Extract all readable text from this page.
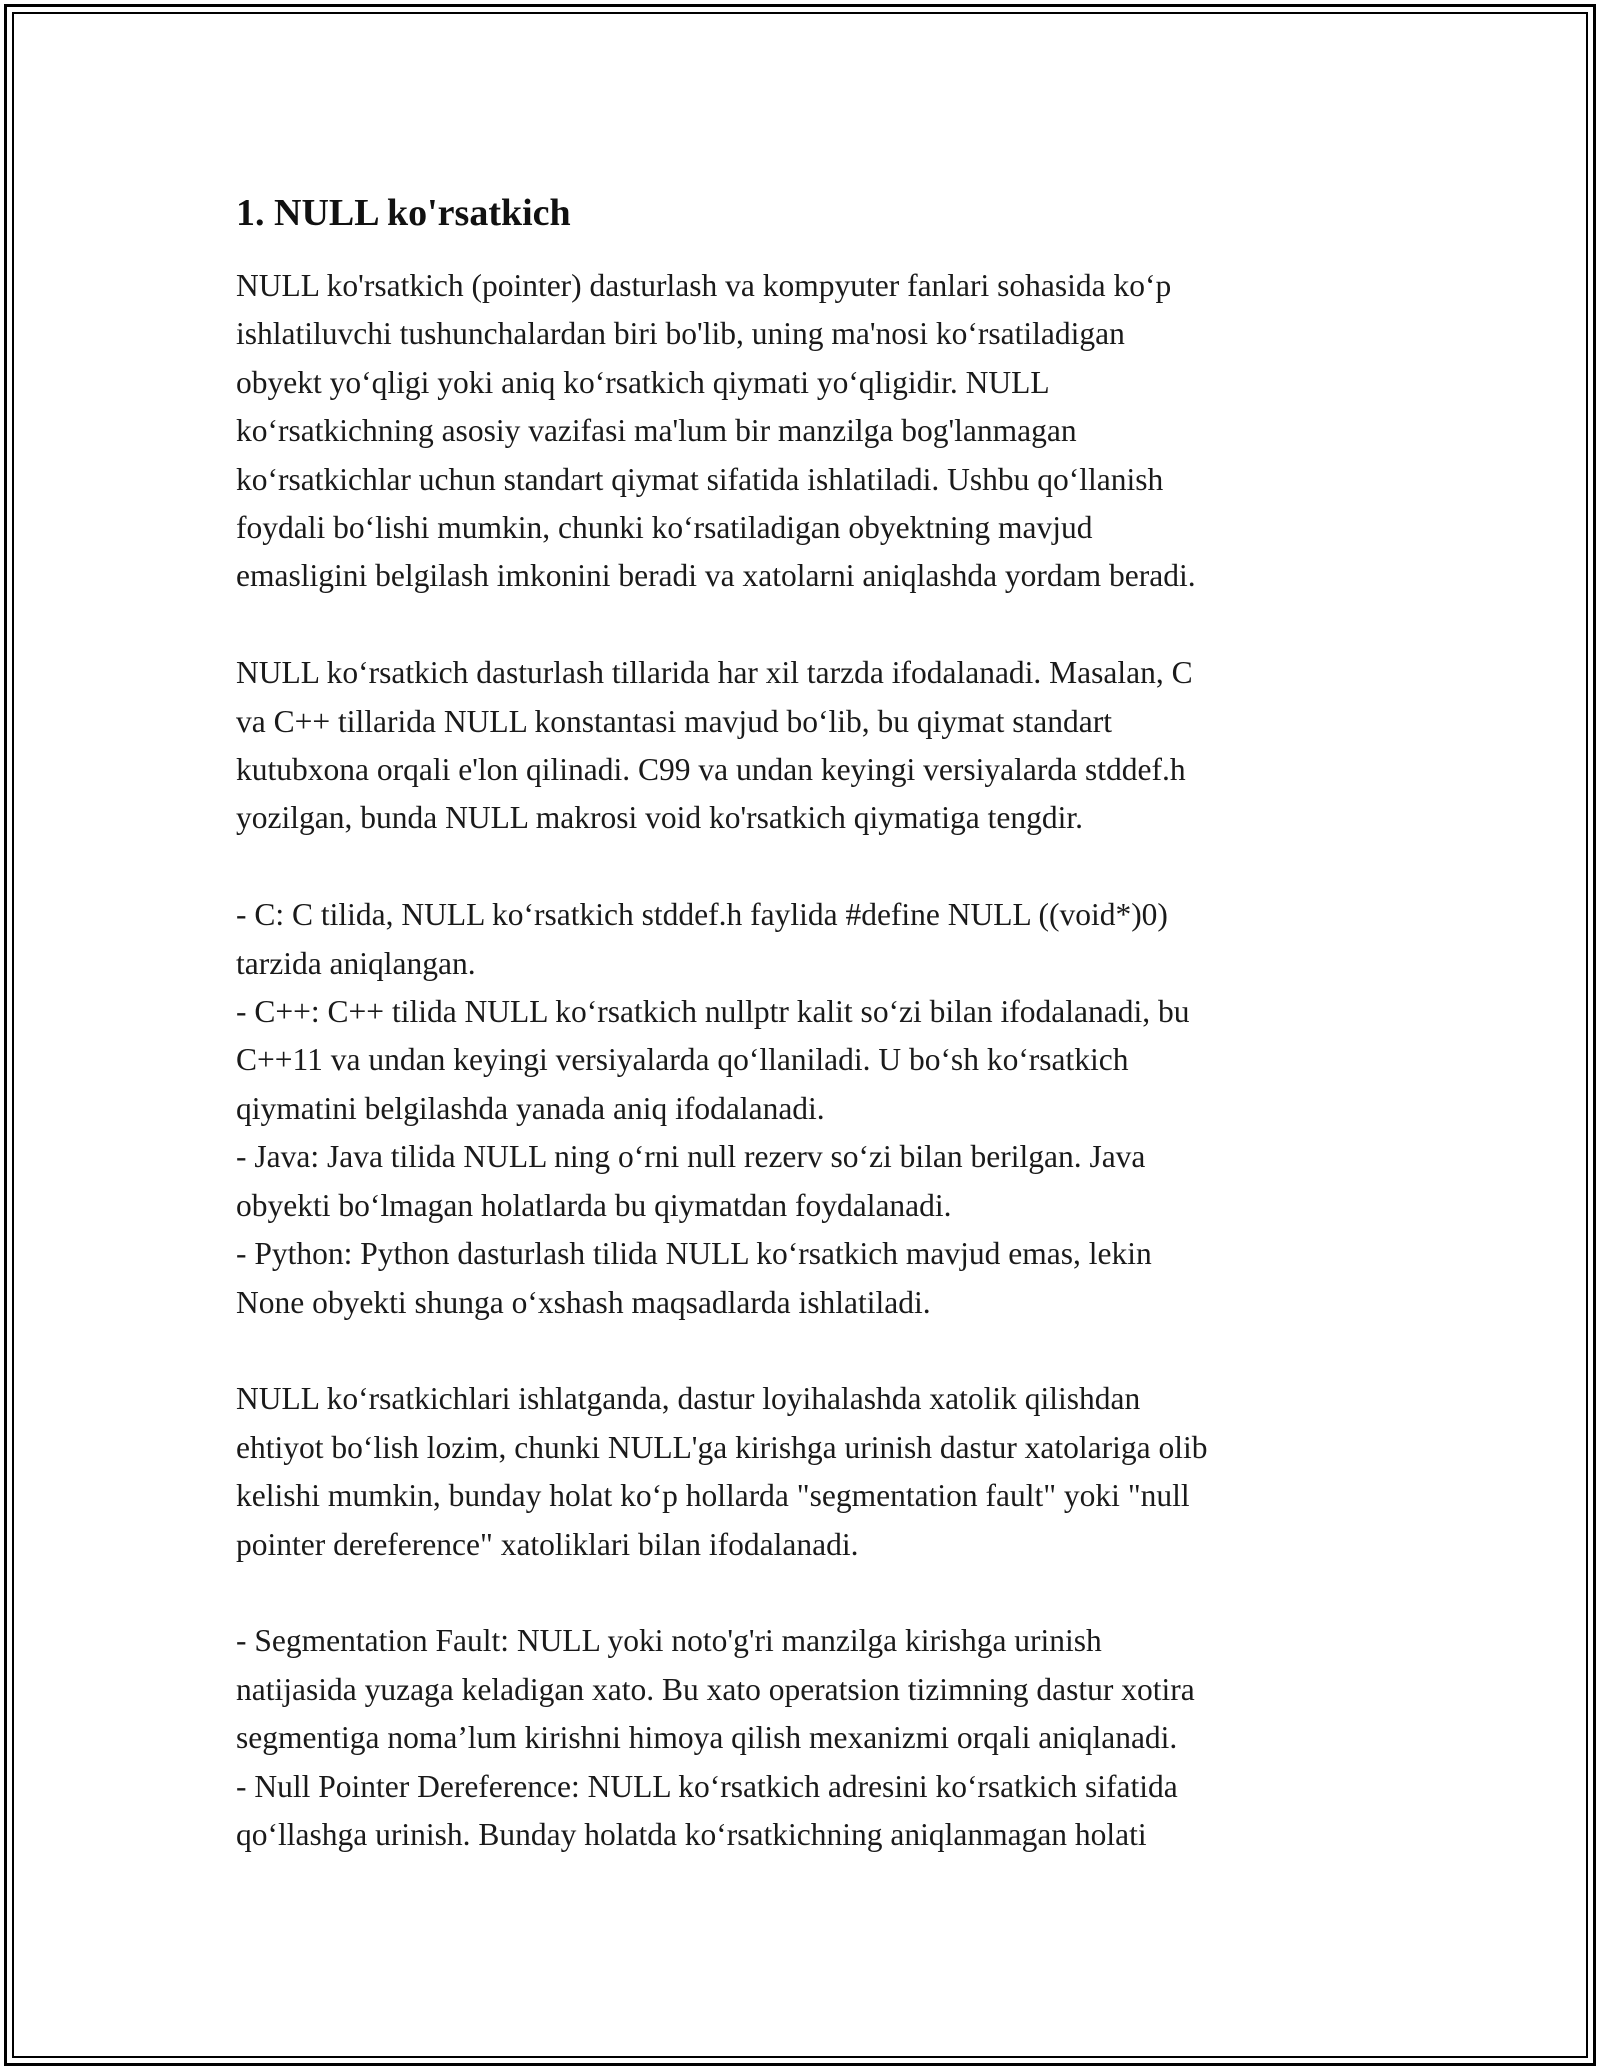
1. NULL ko'rsatkich
NULL ko'rsatkich (pointer) dasturlash va kompyuter fanlari sohasida ko‘p
ishlatiluvchi tushunchalardan biri bo'lib, uning ma'nosi ko‘rsatiladigan
obyekt yo‘qligi yoki aniq ko‘rsatkich qiymati yo‘qligidir. NULL
ko‘rsatkichning asosiy vazifasi ma'lum bir manzilga bog'lanmagan
ko‘rsatkichlar uchun standart qiymat sifatida ishlatiladi. Ushbu qo‘llanish
foydali bo‘lishi mumkin, chunki ko‘rsatiladigan obyektning mavjud
emasligini belgilash imkonini beradi va xatolarni aniqlashda yordam beradi.
NULL ko‘rsatkich dasturlash tillarida har xil tarzda ifodalanadi. Masalan, C
va C++ tillarida NULL konstantasi mavjud bo‘lib, bu qiymat standart
kutubxona orqali e'lon qilinadi. C99 va undan keyingi versiyalarda stddef.h
yozilgan, bunda NULL makrosi void ko'rsatkich qiymatiga tengdir.
- C: C tilida, NULL ko‘rsatkich stddef.h faylida #define NULL ((void*)0)
tarzida aniqlangan.
- C++: C++ tilida NULL ko‘rsatkich nullptr kalit so‘zi bilan ifodalanadi, bu
C++11 va undan keyingi versiyalarda qo‘llaniladi. U bo‘sh ko‘rsatkich
qiymatini belgilashda yanada aniq ifodalanadi.
- Java: Java tilida NULL ning o‘rni null rezerv so‘zi bilan berilgan. Java
obyekti bo‘lmagan holatlarda bu qiymatdan foydalanadi.
- Python: Python dasturlash tilida NULL ko‘rsatkich mavjud emas, lekin
None obyekti shunga o‘xshash maqsadlarda ishlatiladi.
NULL ko‘rsatkichlari ishlatganda, dastur loyihalashda xatolik qilishdan
ehtiyot bo‘lish lozim, chunki NULL'ga kirishga urinish dastur xatolariga olib
kelishi mumkin, bunday holat ko‘p hollarda "segmentation fault" yoki "null
pointer dereference" xatoliklari bilan ifodalanadi.
- Segmentation Fault: NULL yoki noto'g'ri manzilga kirishga urinish
natijasida yuzaga keladigan xato. Bu xato operatsion tizimning dastur xotira
segmentiga noma’lum kirishni himoya qilish mexanizmi orqali aniqlanadi.
- Null Pointer Dereference: NULL ko‘rsatkich adresini ko‘rsatkich sifatida
qo‘llashga urinish. Bunday holatda ko‘rsatkichning aniqlanmagan holati
